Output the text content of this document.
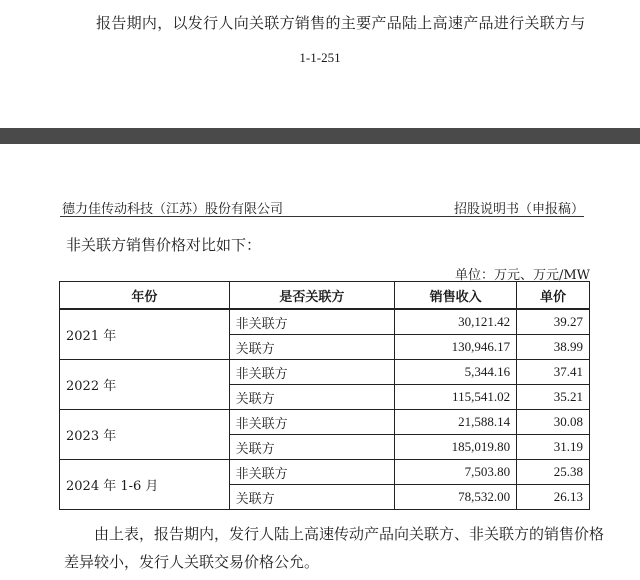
报告期内，以发行人向关联方销售的主要产品陆上高速产品进行关联方与
1-1-251
德力佳传动科技（江苏）股份有限公司	招股说明书（申报稿）
非关联方销售价格对比如下：
单位：万元、万元/MW
年份	是否关联方	销售收入	单价
2021 年	非关联方	30,121.42	39.27
	关联方	130,946.17	38.99
2022 年	非关联方	5,344.16	37.41
	关联方	115,541.02	35.21
2023 年	非关联方	21,588.14	30.08
	关联方	185,019.80	31.19
2024 年 1-6 月	非关联方	7,503.80	25.38
	关联方	78,532.00	26.13
由上表，报告期内，发行人陆上高速传动产品向关联方、非关联方的销售价格差异较小，发行人关联交易价格公允。
